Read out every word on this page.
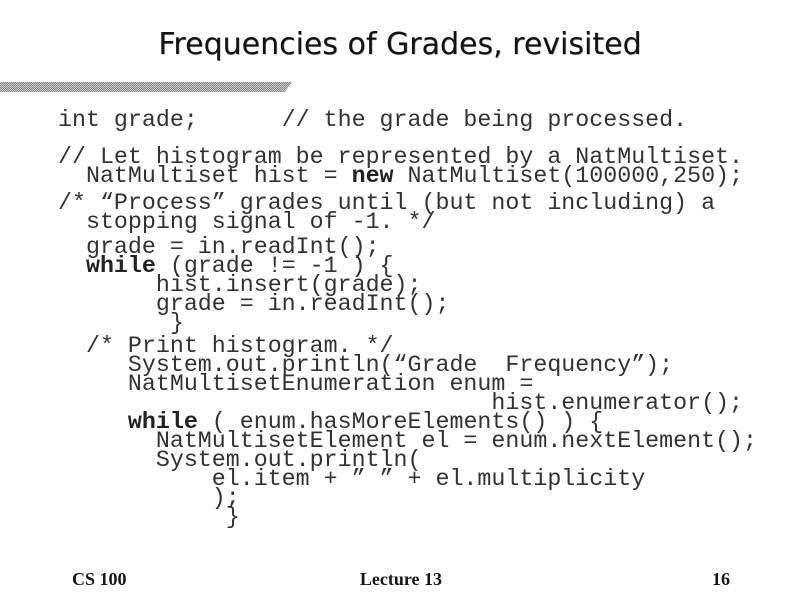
Frequencies of Grades, revisited
int grade;      // the grade being processed.
// Let histogram be represented by a NatMultiset.
NatMultiset hist = new NatMultiset(100000,250);
/* “Process” grades until (but not including) a
stopping signal of -1. */
grade = in.readInt();
while (grade != -1 ) {
hist.insert(grade);
grade = in.readInt();
}
/* Print histogram. */
System.out.println(“Grade  Frequency”);
NatMultisetEnumeration enum =
hist.enumerator();
while ( enum.hasMoreElements() ) {
NatMultisetElement el = enum.nextElement();
System.out.println(
el.item + ” ” + el.multiplicity
);
}
CS 100	Lecture 13	16
